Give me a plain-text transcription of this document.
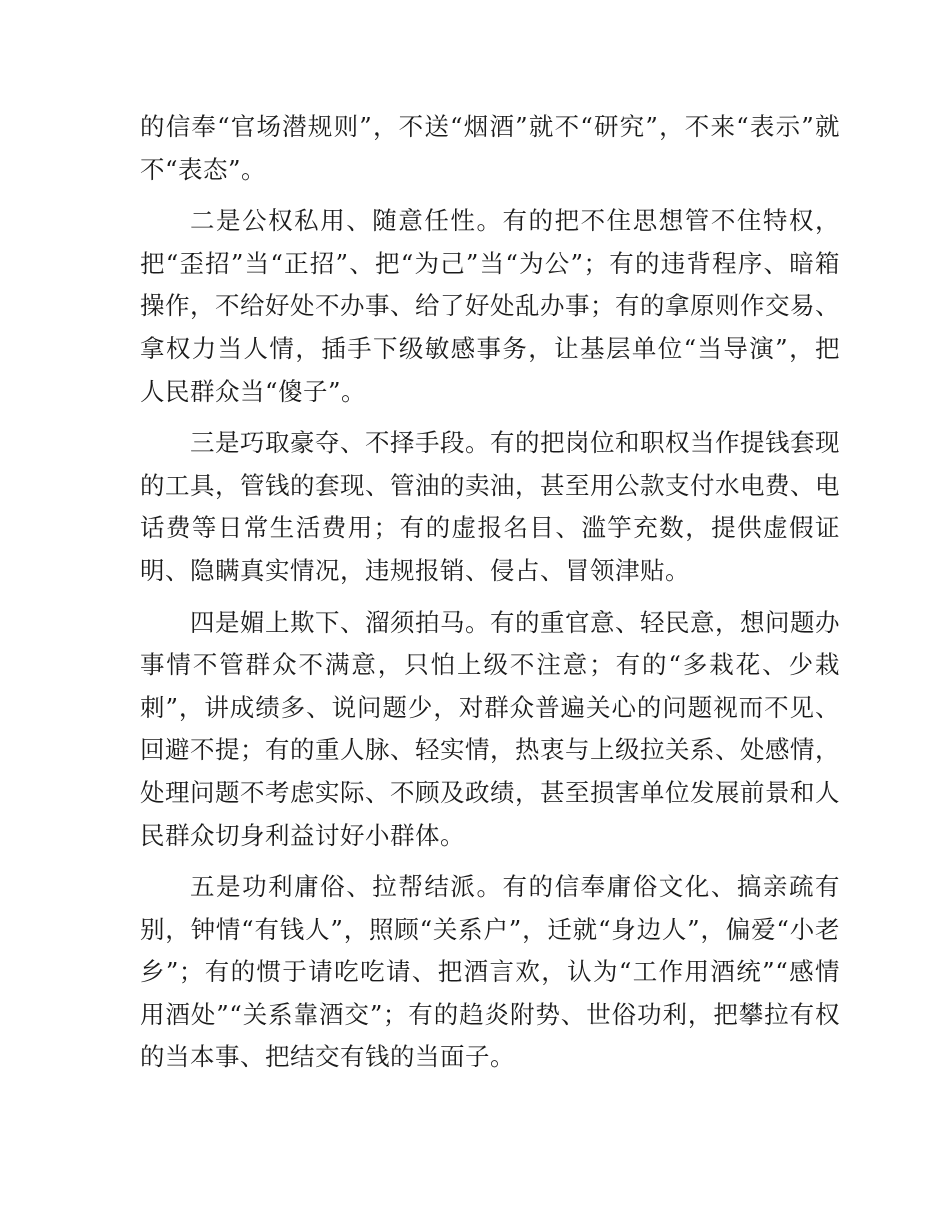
的信奉“官场潜规则”，不送“烟酒”就不“研究”，不来“表示”就不“表态”。

二是公权私用、随意任性。有的把不住思想管不住特权，把“歪招”当“正招”、把“为己”当“为公”；有的违背程序、暗箱操作，不给好处不办事、给了好处乱办事；有的拿原则作交易、拿权力当人情，插手下级敏感事务，让基层单位“当导演”，把人民群众当“傻子”。

三是巧取豪夺、不择手段。有的把岗位和职权当作提钱套现的工具，管钱的套现、管油的卖油，甚至用公款支付水电费、电话费等日常生活费用；有的虚报名目、滥竽充数，提供虚假证明、隐瞒真实情况，违规报销、侵占、冒领津贴。

四是媚上欺下、溜须拍马。有的重官意、轻民意，想问题办事情不管群众不满意，只怕上级不注意；有的“多栽花、少栽刺”，讲成绩多、说问题少，对群众普遍关心的问题视而不见、回避不提；有的重人脉、轻实情，热衷与上级拉关系、处感情，处理问题不考虑实际、不顾及政绩，甚至损害单位发展前景和人民群众切身利益讨好小群体。

五是功利庸俗、拉帮结派。有的信奉庸俗文化、搞亲疏有别，钟情“有钱人”，照顾“关系户”，迁就“身边人”，偏爱“小老乡”；有的惯于请吃吃请、把酒言欢，认为“工作用酒统”“感情用酒处”“关系靠酒交”；有的趋炎附势、世俗功利，把攀拉有权的当本事、把结交有钱的当面子。
